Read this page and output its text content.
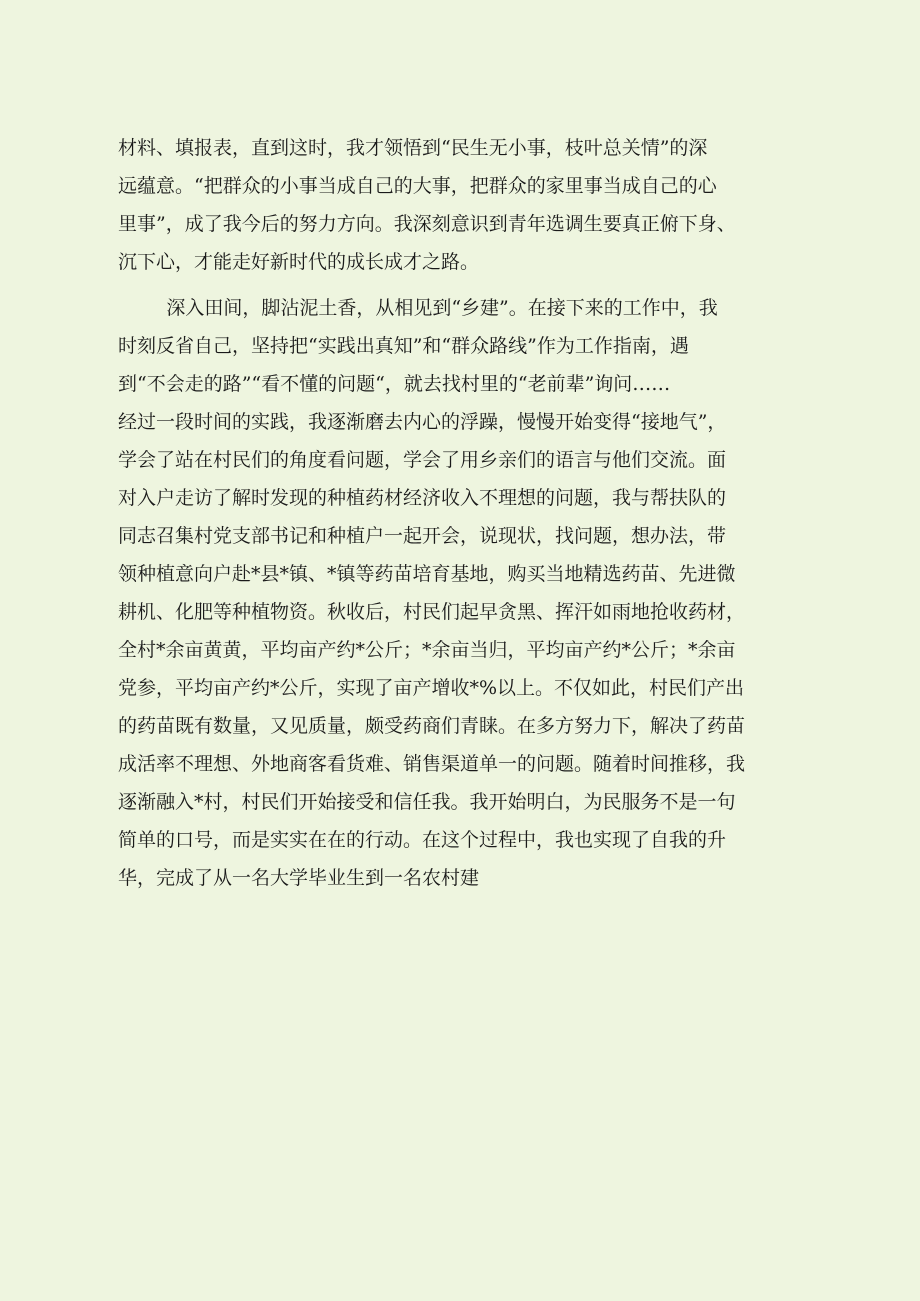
材料、填报表，直到这时，我才领悟到“民生无小事，枝叶总关情”的深
远蕴意。“把群众的小事当成自己的大事，把群众的家里事当成自己的心
里事”，成了我今后的努力方向。我深刻意识到青年选调生要真正俯下身、
沉下心，才能走好新时代的成长成才之路。
深入田间，脚沾泥土香，从相见到“乡建”。在接下来的工作中，我
时刻反省自己，坚持把“实践出真知”和“群众路线”作为工作指南，遇
到“不会走的路”“看不懂的问题“，就去找村里的“老前辈”询问……
经过一段时间的实践，我逐渐磨去内心的浮躁，慢慢开始变得“接地气”，
学会了站在村民们的角度看问题，学会了用乡亲们的语言与他们交流。面
对入户走访了解时发现的种植药材经济收入不理想的问题，我与帮扶队的
同志召集村党支部书记和种植户一起开会，说现状，找问题，想办法，带
领种植意向户赴*县*镇、*镇等药苗培育基地，购买当地精选药苗、先进微
耕机、化肥等种植物资。秋收后，村民们起早贪黑、挥汗如雨地抢收药材，
全村*余亩黄黄，平均亩产约*公斤；*余亩当归，平均亩产约*公斤；*余亩
党参，平均亩产约*公斤，实现了亩产增收*%以上。不仅如此，村民们产出
的药苗既有数量，又见质量，颇受药商们青睐。在多方努力下，解决了药苗
成活率不理想、外地商客看货难、销售渠道单一的问题。随着时间推移，我
逐渐融入*村，村民们开始接受和信任我。我开始明白，为民服务不是一句
简单的口号，而是实实在在的行动。在这个过程中，我也实现了自我的升
华，完成了从一名大学毕业生到一名农村建
